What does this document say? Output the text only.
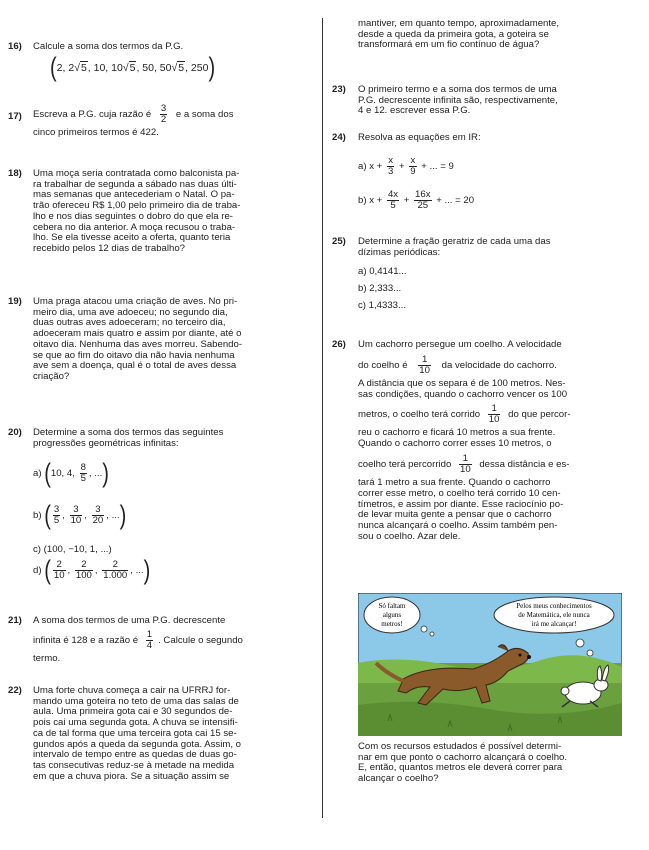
16) Calcule a soma dos termos da P.G.
(2, 2√5, 10, 10√5, 50, 50√5, 250)
17) Escreva a P.G. cuja razão é $\frac{3}{2}$ e a soma dos
cinco primeiros termos é 422.
18) Uma moça seria contratada como balconista pa-
ra trabalhar de segunda a sábado nas duas últi-
mas semanas que antecederiam o Natal. O pa-
trão ofereceu R$ 1,00 pelo primeiro dia de traba-
lho e nos dias seguintes o dobro do que ela re-
cebera no dia anterior. A moça recusou o traba-
lho. Se ela tivesse aceito a oferta, quanto teria
recebido pelos 12 dias de trabalho?
19) Uma praga atacou uma criação de aves. No pri-
meiro dia, uma ave adoeceu; no segundo dia,
duas outras aves adoeceram; no terceiro dia,
adoeceram mais quatro e assim por diante, até o
oitavo dia. Nenhuma das aves morreu. Sabendo-
se que ao fim do oitavo dia não havia nenhuma
ave sem a doença, qual é o total de aves dessa
criação?
20) Determine a soma dos termos das seguintes
progressões geométricas infinitas:
a) (10, 4, $\frac{8}{5}$ , ...)
b) ( $\frac{3}{5}$ , $\frac{3}{10}$ , $\frac{3}{20}$ , ...)
c) (100, −10, 1, ...)
d) ( $\frac{2}{10}$ , $\frac{2}{100}$ , $\frac{2}{1.000}$ , ...)
21) A soma dos termos de uma P.G. decrescente
infinita é 128 e a razão é $\frac{1}{4}$ . Calcule o segundo
termo.
22) Uma forte chuva começa a cair na UFRRJ for-
mando uma goteira no teto de uma das salas de
aula. Uma primeira gota cai e 30 segundos de-
pois cai uma segunda gota. A chuva se intensifi-
ca de tal forma que uma terceira gota cai 15 se-
gundos após a queda da segunda gota. Assim, o
intervalo de tempo entre as quedas de duas go-
tas consecutivas reduz-se à metade na medida
em que a chuva piora. Se a situação assim se
mantiver, em quanto tempo, aproximadamente,
desde a queda da primeira gota, a goteira se
transformará em um fio contínuo de água?
23) O primeiro termo e a soma dos termos de uma
P.G. decrescente infinita são, respectivamente,
4 e 12. escrever essa P.G.
24) Resolva as equações em IR:
a) $x + \frac{x}{3} + \frac{x}{9}$ + ... = 9
b) $x + \frac{4x}{5} + \frac{16x}{25}$ + ... = 20
25) Determine a fração geratriz de cada uma das
dízimas periódicas:
a) 0,4141...
b) 2,333...
c) 1,4333...
26) Um cachorro persegue um coelho. A velocidade
do coelho é $\frac{1}{10}$ da velocidade do cachorro.
A distância que os separa é de 100 metros. Nes-
sas condições, quando o cachorro vencer os 100
metros, o coelho terá corrido $\frac{1}{10}$ do que percor-
reu o cachorro e ficará 10 metros a sua frente.
Quando o cachorro correr esses 10 metros, o
coelho terá percorrido $\frac{1}{10}$ dessa distância e es-
tará 1 metro a sua frente. Quando o cachorro
correr esse metro, o coelho terá corrido 10 cen-
tímetros, e assim por diante. Esse raciocínio po-
de levar muita gente a pensar que o cachorro
nunca alcançará o coelho. Assim também pen-
sou o coelho. Azar dele.
Com os recursos estudados é possível determi-
nar em que ponto o cachorro alcançará o coelho.
E, então, quantos metros ele deverá correr para
alcançar o coelho?
Só faltam
alguns
metros!
Pelos meus conhecimentos
de Matemática, ele nunca
irá me alcançar!
